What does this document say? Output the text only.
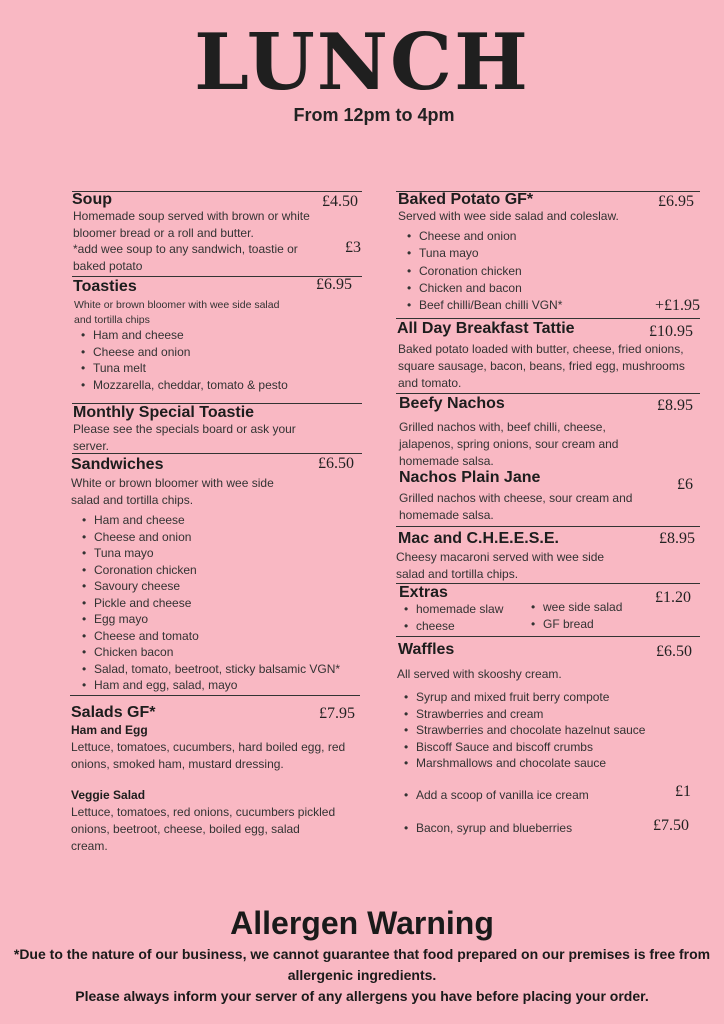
LUNCH
From 12pm to 4pm
Soup	£4.50
Homemade soup served with brown or white bloomer bread or a roll and butter.
*add wee soup to any sandwich, toastie or baked potato
£3
Toasties	£6.95
White or brown bloomer with wee side salad and tortilla chips
• Ham and cheese
• Cheese and onion
• Tuna melt
• Mozzarella, cheddar, tomato & pesto
Monthly Special Toastie
Please see the specials board or ask your server.
Sandwiches	£6.50
White or brown bloomer with wee side salad and tortilla chips.
• Ham and cheese
• Cheese and onion
• Tuna mayo
• Coronation chicken
• Savoury cheese
• Pickle and cheese
• Egg mayo
• Cheese and tomato
• Chicken bacon
• Salad, tomato, beetroot, sticky balsamic VGN*
• Ham and egg, salad, mayo
Salads GF*	£7.95
Ham and Egg
Lettuce, tomatoes, cucumbers, hard boiled egg, red onions, smoked ham, mustard dressing.
Veggie Salad
Lettuce, tomatoes, red onions, cucumbers pickled onions, beetroot, cheese, boiled egg, salad cream.
Baked Potato GF*	£6.95
Served with wee side salad and coleslaw.
• Cheese and onion
• Tuna mayo
• Coronation chicken
• Chicken and bacon
• Beef chilli/Bean chilli VGN*	+£1.95
All Day Breakfast Tattie	£10.95
Baked potato loaded with butter, cheese, fried onions, square sausage, bacon, beans, fried egg, mushrooms and tomato.
Beefy Nachos	£8.95
Grilled nachos with, beef chilli, cheese, jalapenos, spring onions, sour cream and homemade salsa.
Nachos Plain Jane	£6
Grilled nachos with cheese, sour cream and homemade salsa.
Mac and C.H.E.E.S.E.	£8.95
Cheesy macaroni served with wee side salad and tortilla chips.
Extras	£1.20
• homemade slaw
• cheese
• wee side salad
• GF bread
Waffles	£6.50
All served with skooshy cream.
• Syrup and mixed fruit berry compote
• Strawberries and cream
• Strawberries and chocolate hazelnut sauce
• Biscoff Sauce and biscoff crumbs
• Marshmallows and chocolate sauce
• Add a scoop of vanilla ice cream	£1
• Bacon, syrup and blueberries	£7.50
Allergen Warning
*Due to the nature of our business, we cannot guarantee that food prepared on our premises is free from allergenic ingredients.
Please always inform your server of any allergens you have before placing your order.
